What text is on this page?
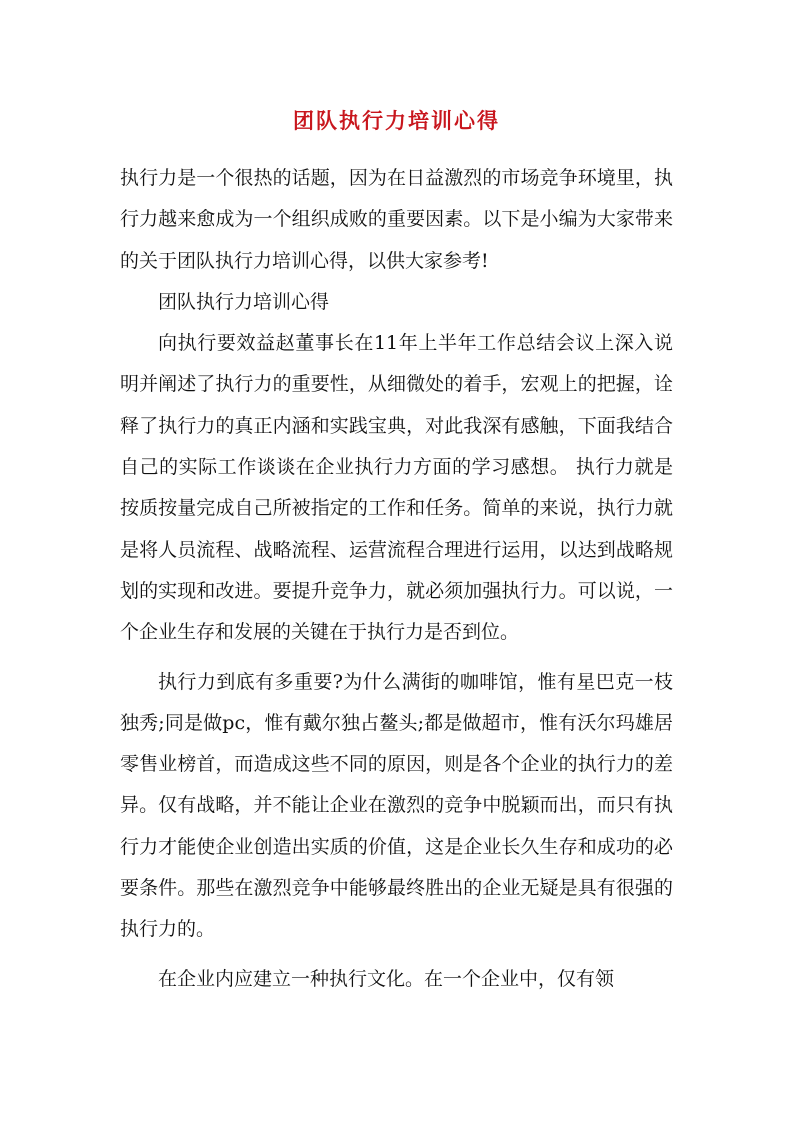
团队执行力培训心得

执行力是一个很热的话题，因为在日益激烈的市场竞争环境里，执行力越来愈成为一个组织成败的重要因素。以下是小编为大家带来的关于团队执行力培训心得，以供大家参考!

团队执行力培训心得

向执行要效益赵董事长在11年上半年工作总结会议上深入说明并阐述了执行力的重要性，从细微处的着手，宏观上的把握，诠释了执行力的真正内涵和实践宝典，对此我深有感触，下面我结合自己的实际工作谈谈在企业执行力方面的学习感想。 执行力就是按质按量完成自己所被指定的工作和任务。简单的来说，执行力就是将人员流程、战略流程、运营流程合理进行运用，以达到战略规划的实现和改进。要提升竞争力，就必须加强执行力。可以说，一个企业生存和发展的关键在于执行力是否到位。

执行力到底有多重要?为什么满街的咖啡馆，惟有星巴克一枝独秀;同是做pc，惟有戴尔独占鳌头;都是做超市，惟有沃尔玛雄居零售业榜首，而造成这些不同的原因，则是各个企业的执行力的差异。仅有战略，并不能让企业在激烈的竞争中脱颖而出，而只有执行力才能使企业创造出实质的价值，这是企业长久生存和成功的必要条件。那些在激烈竞争中能够最终胜出的企业无疑是具有很强的执行力的。

在企业内应建立一种执行文化。在一个企业中，仅有领
